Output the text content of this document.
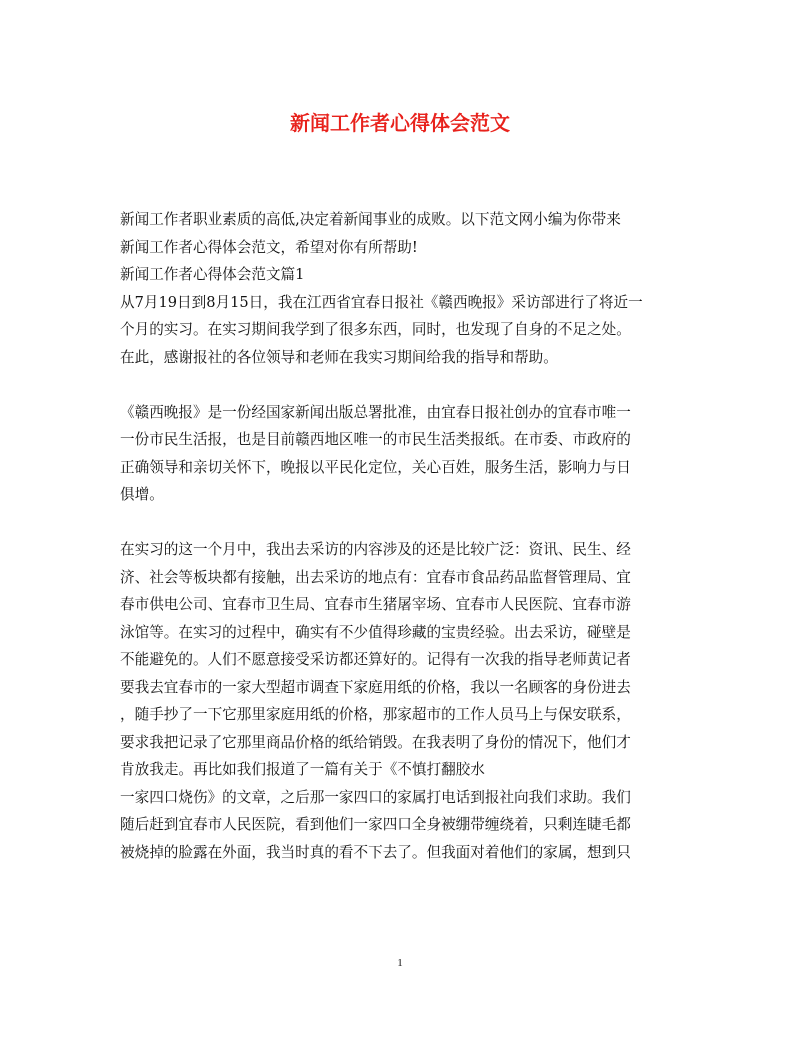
新闻工作者心得体会范文
新闻工作者职业素质的高低,决定着新闻事业的成败。以下范文网小编为你带来
新闻工作者心得体会范文，希望对你有所帮助!
新闻工作者心得体会范文篇1
从7月19日到8月15日，我在江西省宜春日报社《赣西晚报》采访部进行了将近一
个月的实习。在实习期间我学到了很多东西，同时，也发现了自身的不足之处。
在此，感谢报社的各位领导和老师在我实习期间给我的指导和帮助。
《赣西晚报》是一份经国家新闻出版总署批准，由宜春日报社创办的宜春市唯一
一份市民生活报，也是目前赣西地区唯一的市民生活类报纸。在市委、市政府的
正确领导和亲切关怀下，晚报以平民化定位，关心百姓，服务生活，影响力与日
俱增。
在实习的这一个月中，我出去采访的内容涉及的还是比较广泛：资讯、民生、经
济、社会等板块都有接触，出去采访的地点有：宜春市食品药品监督管理局、宜
春市供电公司、宜春市卫生局、宜春市生猪屠宰场、宜春市人民医院、宜春市游
泳馆等。在实习的过程中，确实有不少值得珍藏的宝贵经验。出去采访，碰壁是
不能避免的。人们不愿意接受采访都还算好的。记得有一次我的指导老师黄记者
要我去宜春市的一家大型超市调查下家庭用纸的价格，我以一名顾客的身份进去
，随手抄了一下它那里家庭用纸的价格，那家超市的工作人员马上与保安联系，
要求我把记录了它那里商品价格的纸给销毁。在我表明了身份的情况下，他们才
肯放我走。再比如我们报道了一篇有关于《不慎打翻胶水
一家四口烧伤》的文章，之后那一家四口的家属打电话到报社向我们求助。我们
随后赶到宜春市人民医院，看到他们一家四口全身被绷带缠绕着，只剩连睫毛都
被烧掉的脸露在外面，我当时真的看不下去了。但我面对着他们的家属，想到只
1
